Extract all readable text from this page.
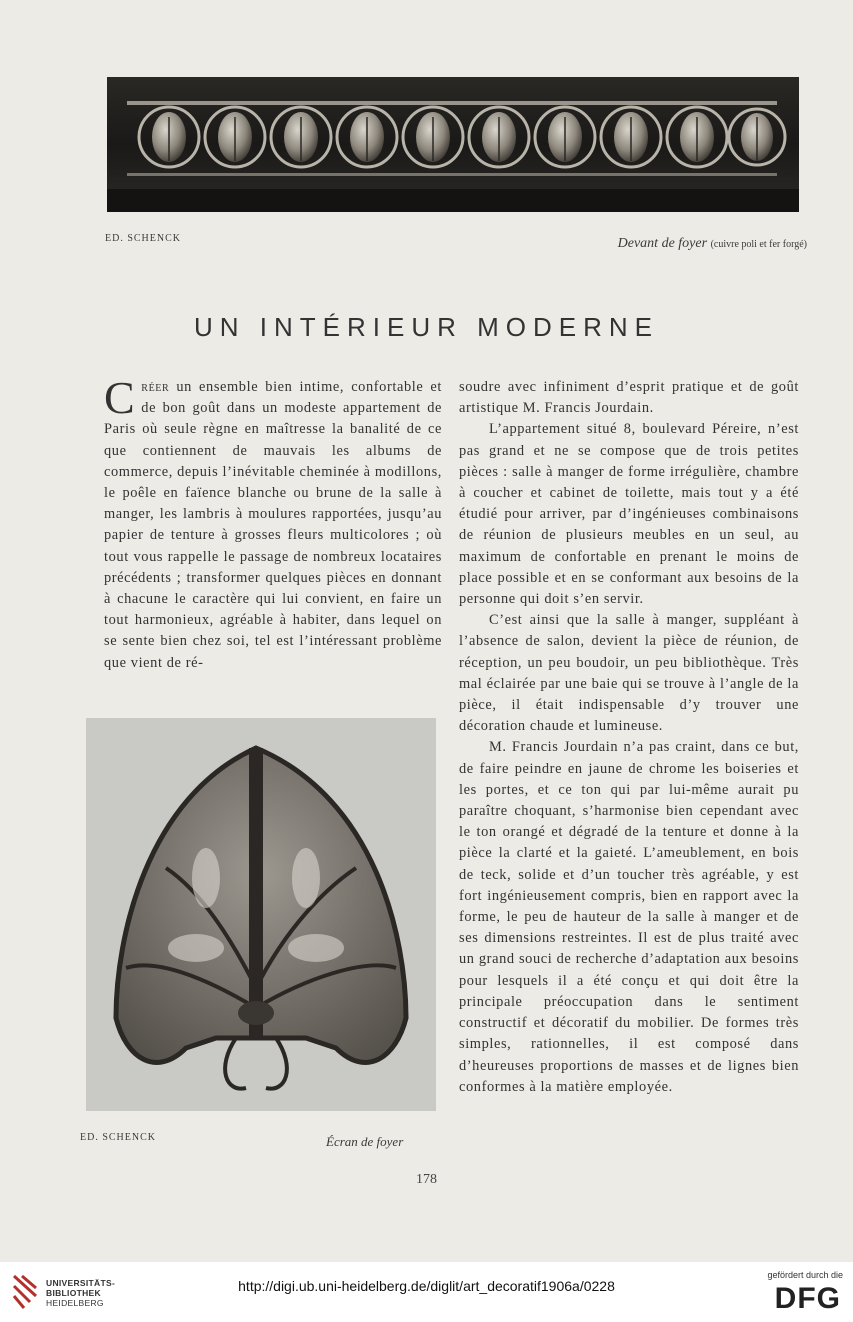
ED. SCHENCK	Devant de foyer (cuivre poli et fer forgé)
UN INTÉRIEUR MODERNE

Créer un ensemble bien intime, confortable et de bon goût dans un modeste appartement de Paris où seule règne en maîtresse la banalité de ce que contiennent de mauvais les albums de commerce, depuis l’inévitable cheminée à modillons, le poêle en faïence blanche ou brune de la salle à manger, les lambris à moulures rapportées, jusqu’au papier de tenture à grosses fleurs multicolores ; où tout vous rappelle le passage de nombreux locataires précédents ; transformer quelques pièces en donnant à chacune le caractère qui lui convient, en faire un tout harmonieux, agréable à habiter, dans lequel on se sente bien chez soi, tel est l’intéressant problème que vient de ré-

ED. SCHENCK	Écran de foyer

soudre avec infiniment d’esprit pratique et de goût artistique M. Francis Jourdain.

L’appartement situé 8, boulevard Péreire, n’est pas grand et ne se compose que de trois petites pièces : salle à manger de forme irrégulière, chambre à coucher et cabinet de toilette, mais tout y a été étudié pour arriver, par d’ingénieuses combinaisons de réunion de plusieurs meubles en un seul, au maximum de confortable en prenant le moins de place possible et en se conformant aux besoins de la personne qui doit s’en servir.

C’est ainsi que la salle à manger, suppléant à l’absence de salon, devient la pièce de réunion, de réception, un peu boudoir, un peu bibliothèque. Très mal éclairée par une baie qui se trouve à l’angle de la pièce, il était indispensable d’y trouver une décoration chaude et lumineuse.

M. Francis Jourdain n’a pas craint, dans ce but, de faire peindre en jaune de chrome les boiseries et les portes, et ce ton qui par lui-même aurait pu paraître choquant, s’harmonise bien cependant avec le ton orangé et dégradé de la tenture et donne à la pièce la clarté et la gaieté. L’ameublement, en bois de teck, solide et d’un toucher très agréable, y est fort ingénieusement compris, bien en rapport avec la forme, le peu de hauteur de la salle à manger et de ses dimensions restreintes. Il est de plus traité avec un grand souci de recherche d’adaptation aux besoins pour lesquels il a été conçu et qui doit être la principale préoccupation dans le sentiment constructif et décoratif du mobilier. De formes très simples, rationnelles, il est composé dans d’heureuses proportions de masses et de lignes bien conformes à la matière employée.

178
UNIVERSITÄTS-
BIBLIOTHEK
HEIDELBERG
http://digi.ub.uni-heidelberg.de/diglit/art_decoratif1906a/0228
gefördert durch die
DFG
